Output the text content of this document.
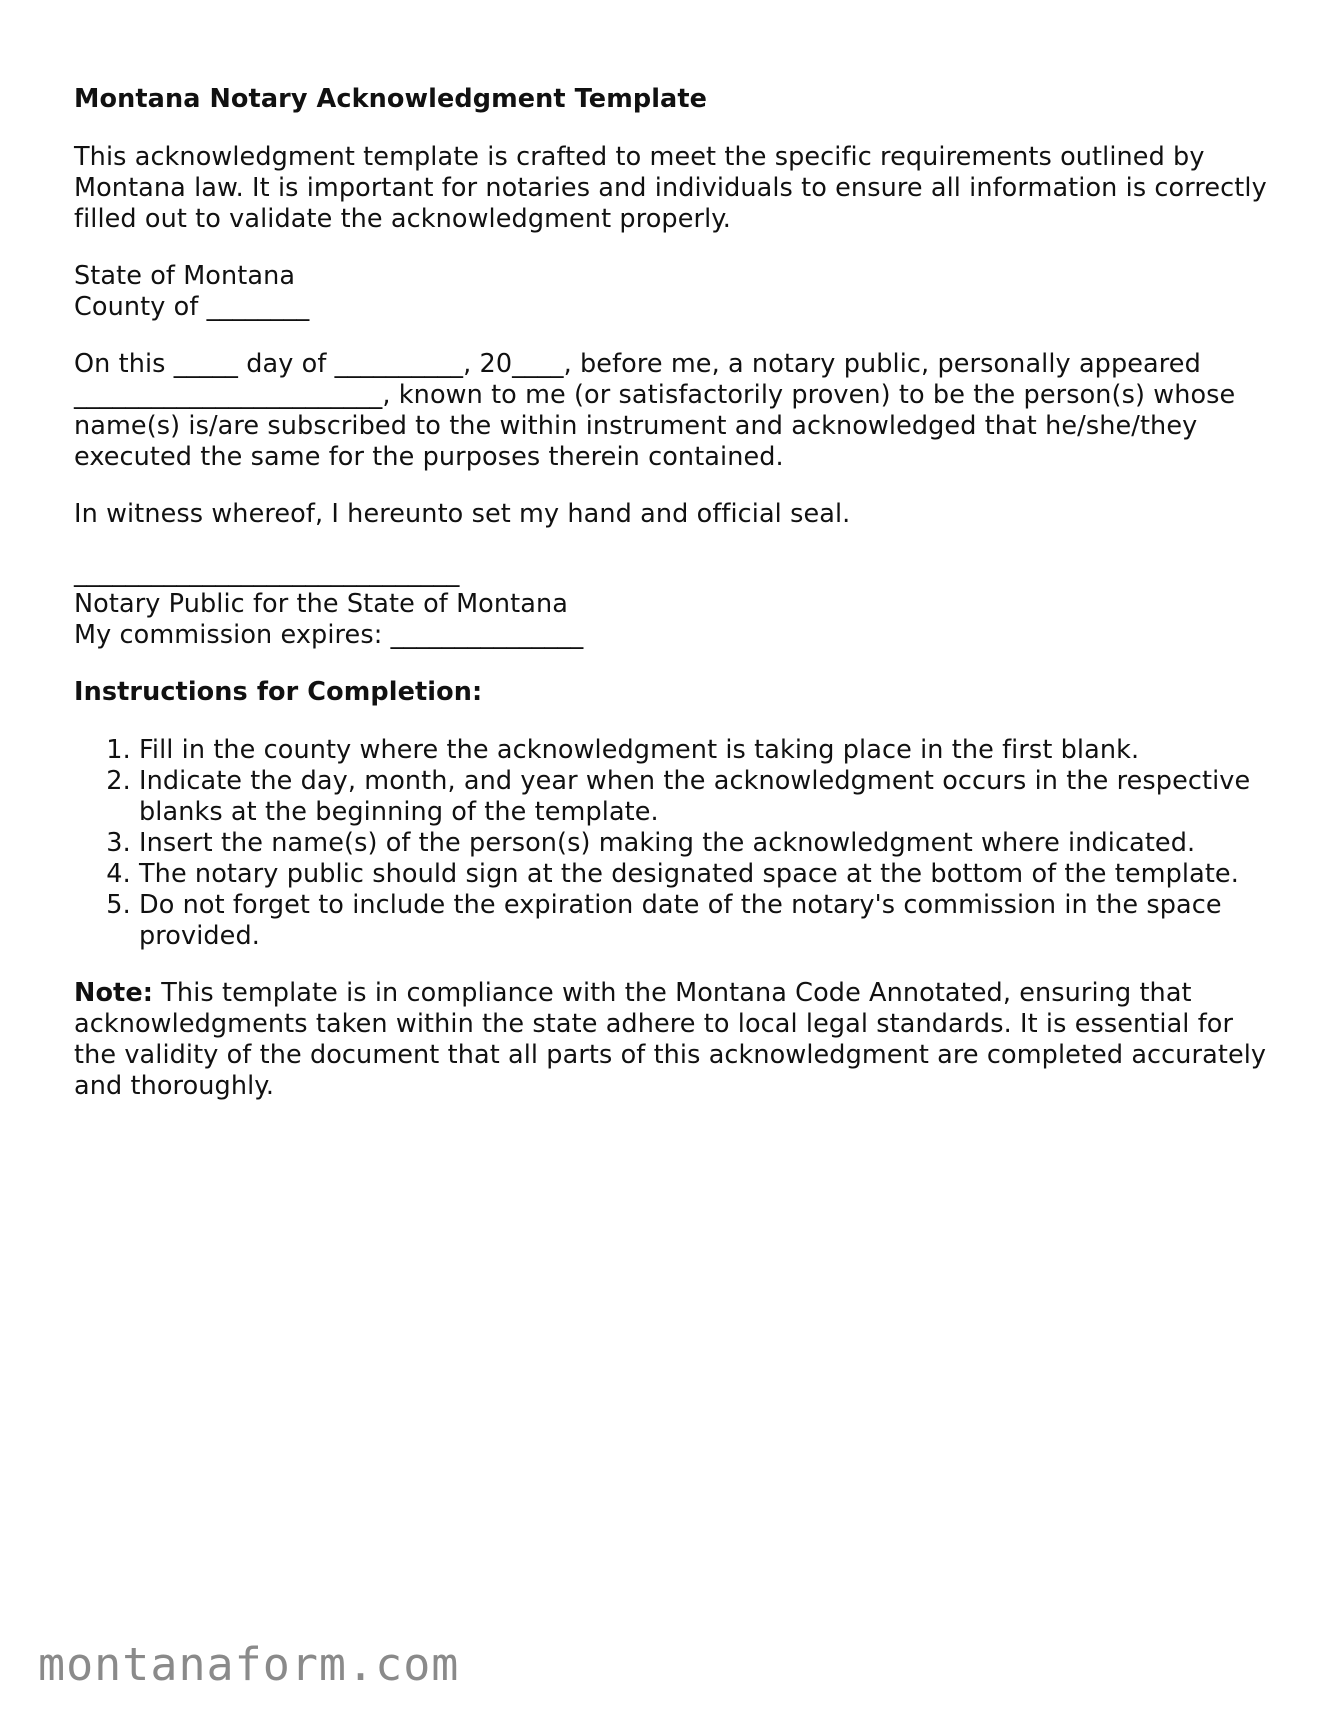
Montana Notary Acknowledgment Template

This acknowledgment template is crafted to meet the specific requirements outlined by Montana law. It is important for notaries and individuals to ensure all information is correctly filled out to validate the acknowledgment properly.

State of Montana
County of ________

On this _____ day of __________, 20____, before me, a notary public, personally appeared ________________________, known to me (or satisfactorily proven) to be the person(s) whose name(s) is/are subscribed to the within instrument and acknowledged that he/she/they executed the same for the purposes therein contained.

In witness whereof, I hereunto set my hand and official seal.

______________________________
Notary Public for the State of Montana
My commission expires: _______________
Instructions for Completion:
1. Fill in the county where the acknowledgment is taking place in the first blank.
2. Indicate the day, month, and year when the acknowledgment occurs in the respective blanks at the beginning of the template.
3. Insert the name(s) of the person(s) making the acknowledgment where indicated.
4. The notary public should sign at the designated space at the bottom of the template.
5. Do not forget to include the expiration date of the notary's commission in the space provided.

Note: This template is in compliance with the Montana Code Annotated, ensuring that acknowledgments taken within the state adhere to local legal standards. It is essential for the validity of the document that all parts of this acknowledgment are completed accurately and thoroughly.

montanaform.com
